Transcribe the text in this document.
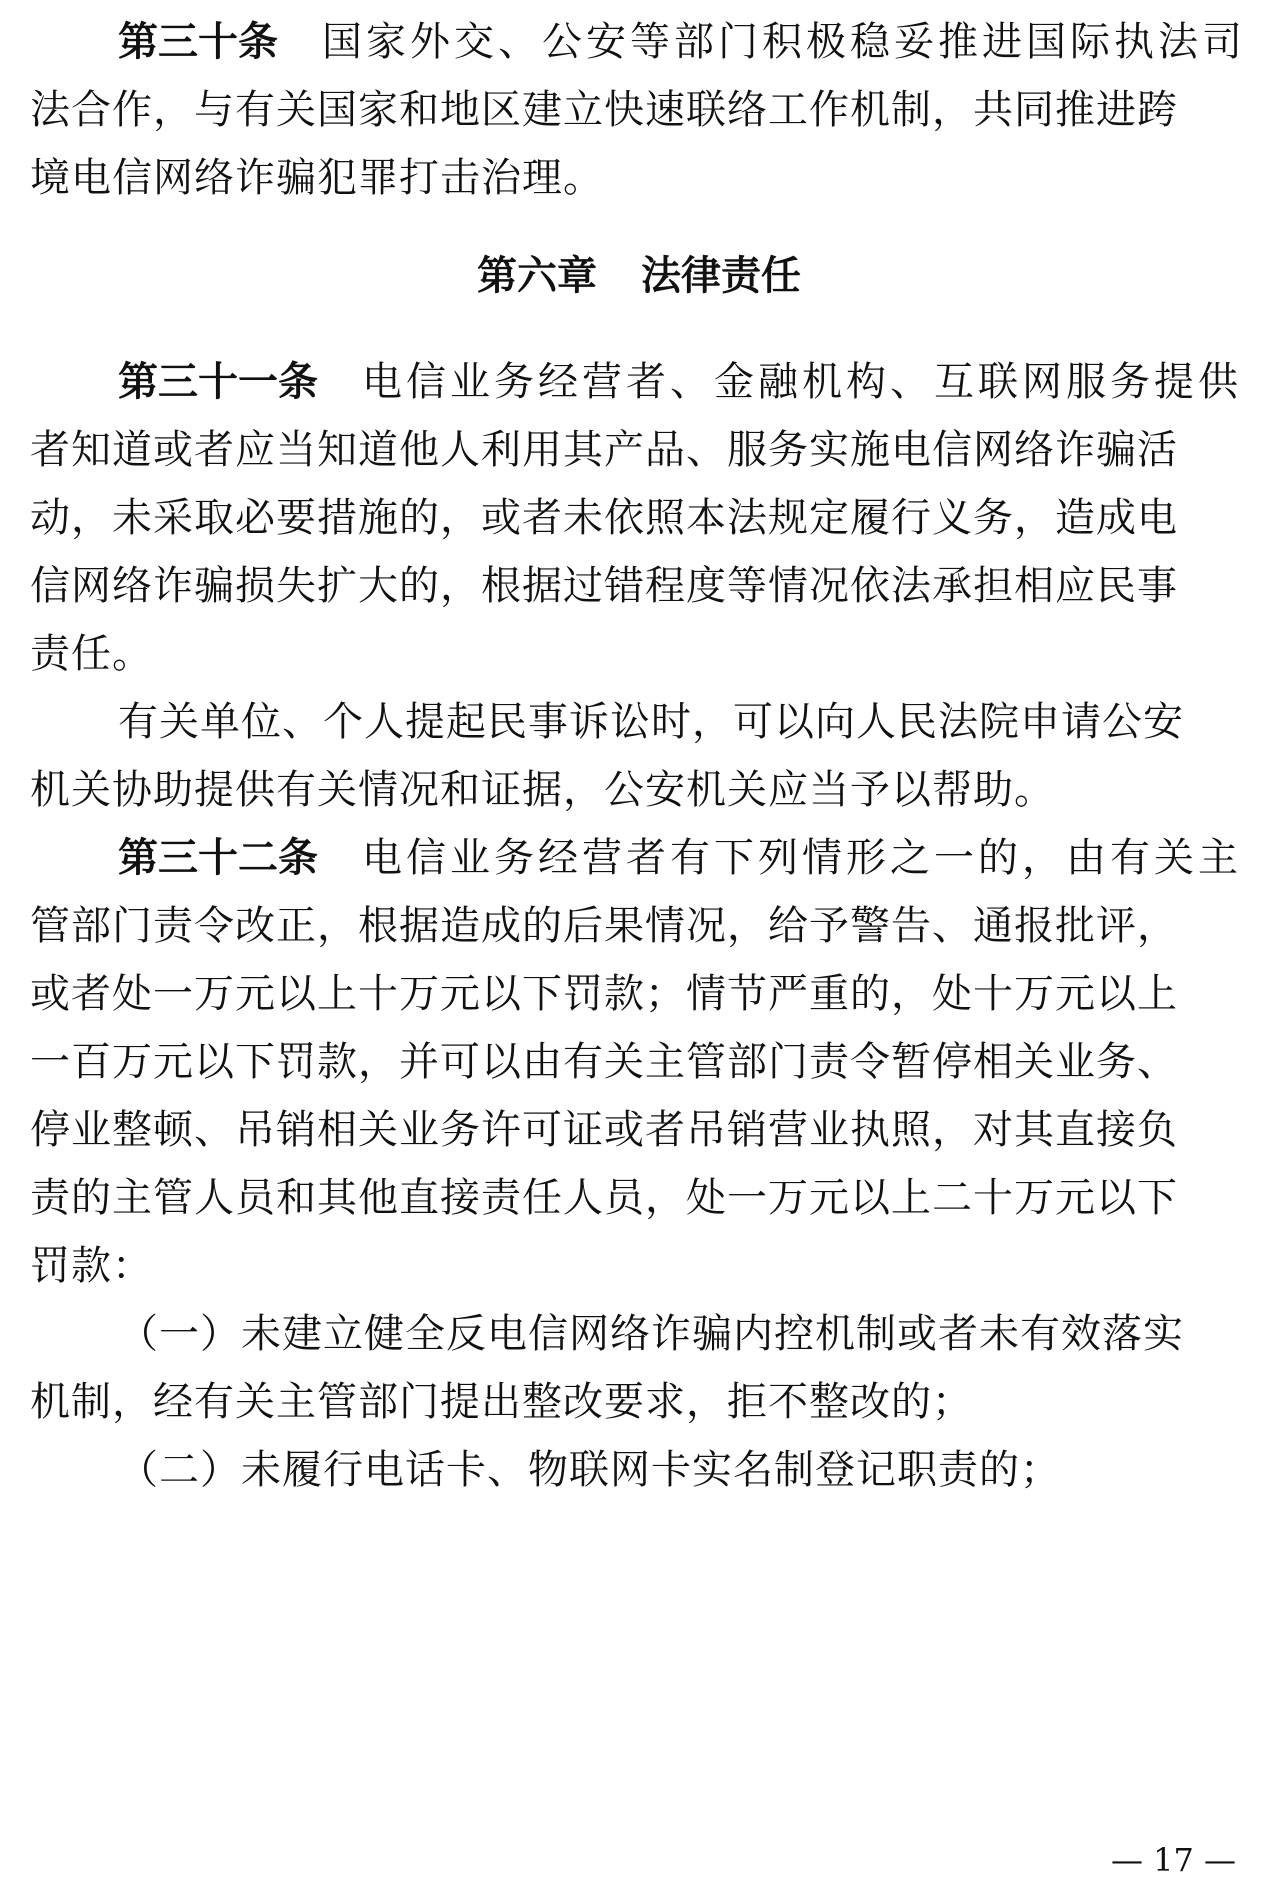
第三十条 国家外交、公安等部门积极稳妥推进国际执法司
法合作，与有关国家和地区建立快速联络工作机制，共同推进跨
境电信网络诈骗犯罪打击治理。
第六章 法律责任
第三十一条 电信业务经营者、金融机构、互联网服务提供
者知道或者应当知道他人利用其产品、服务实施电信网络诈骗活
动，未采取必要措施的，或者未依照本法规定履行义务，造成电
信网络诈骗损失扩大的，根据过错程度等情况依法承担相应民事
责任。
有关单位、个人提起民事诉讼时，可以向人民法院申请公安
机关协助提供有关情况和证据，公安机关应当予以帮助。
第三十二条 电信业务经营者有下列情形之一的，由有关主
管部门责令改正，根据造成的后果情况，给予警告、通报批评，
或者处一万元以上十万元以下罚款；情节严重的，处十万元以上
一百万元以下罚款，并可以由有关主管部门责令暂停相关业务、
停业整顿、吊销相关业务许可证或者吊销营业执照，对其直接负
责的主管人员和其他直接责任人员，处一万元以上二十万元以下
罚款：
（一）未建立健全反电信网络诈骗内控机制或者未有效落实
机制，经有关主管部门提出整改要求，拒不整改的；
（二）未履行电话卡、物联网卡实名制登记职责的；
— 17 —
